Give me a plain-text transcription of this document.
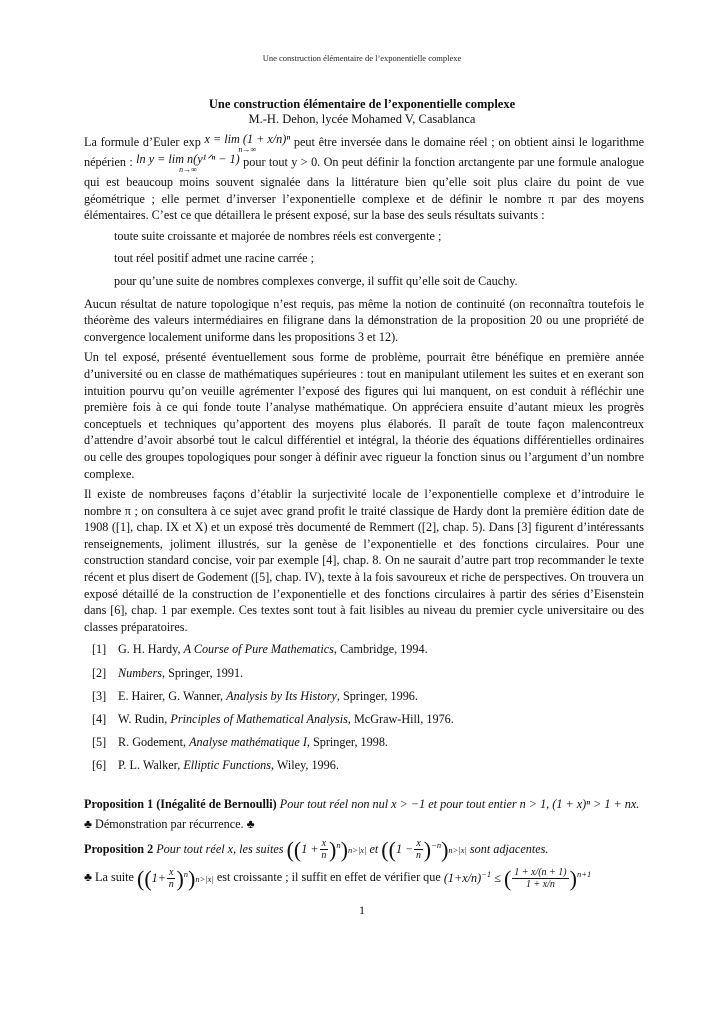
Une construction élémentaire de l’exponentielle complexe
Une construction élémentaire de l’exponentielle complexe
M.-H. Dehon, lycée Mohamed V, Casablanca

La formule d’Euler exp x = lim (1 + x/n)ⁿ
n→∞
peut être inversée dans le domaine réel ; on obtient ainsi le logarithme népérien : ln y = lim n(y¹ᐟⁿ − 1)
n→∞
pour tout y > 0. On peut définir la fonction arctangente par une formule analogue qui est beaucoup moins souvent signalée dans la littérature bien qu’elle soit plus claire du point de vue géométrique ; elle permet d’inverser l’exponentielle complexe et de définir le nombre π par des moyens élémentaires. C’est ce que détaillera le présent exposé, sur la base des seuls résultats suivants :

toute suite croissante et majorée de nombres réels est convergente ;
tout réel positif admet une racine carrée ;
pour qu’une suite de nombres complexes converge, il suffit qu’elle soit de Cauchy.

Aucun résultat de nature topologique n’est requis, pas même la notion de continuité (on reconnaîtra toutefois le théorème des valeurs intermédiaires en filigrane dans la démonstration de la proposition 20 ou une propriété de convergence localement uniforme dans les propositions 3 et 12).

Un tel exposé, présenté éventuellement sous forme de problème, pourrait être bénéfique en première année d’université ou en classe de mathématiques supérieures : tout en manipulant utilement les suites et en exerant son intuition pourvu qu’on veuille agrémenter l’exposé des figures qui lui manquent, on est conduit à réfléchir une première fois à ce qui fonde toute l’analyse mathématique. On appréciera ensuite d’autant mieux les progrès conceptuels et techniques qu’apportent des moyens plus élaborés. Il paraît de toute façon malencontreux d’attendre d’avoir absorbé tout le calcul différentiel et intégral, la théorie des équations différentielles ordinaires ou celle des groupes topologiques pour songer à définir avec rigueur la fonction sinus ou l’argument d’un nombre complexe.

Il existe de nombreuses façons d’établir la surjectivité locale de l’exponentielle complexe et d’introduire le nombre π ; on consultera à ce sujet avec grand profit le traité classique de Hardy dont la première édition date de 1908 ([1], chap. IX et X) et un exposé très documenté de Remmert ([2], chap. 5). Dans [3] figurent d’intéressants renseignements, joliment illustrés, sur la genèse de l’exponentielle et des fonctions circulaires. Pour une construction standard concise, voir par exemple [4], chap. 8. On ne saurait d’autre part trop recommander le texte récent et plus disert de Godement ([5], chap. IV), texte à la fois savoureux et riche de perspectives. On trouvera un exposé détaillé de la construction de l’exponentielle et des fonctions circulaires à partir des séries d’Eisenstein dans [6], chap. 1 par exemple. Ces textes sont tout à fait lisibles au niveau du premier cycle universitaire ou des classes préparatoires.

[1] G. H. Hardy, A Course of Pure Mathematics, Cambridge, 1994.
[2] Numbers, Springer, 1991.
[3] E. Hairer, G. Wanner, Analysis by Its History, Springer, 1996.
[4] W. Rudin, Principles of Mathematical Analysis, McGraw-Hill, 1976.
[5] R. Godement, Analyse mathématique I, Springer, 1998.
[6] P. L. Walker, Elliptic Functions, Wiley, 1996.

Proposition 1 (Inégalité de Bernoulli) Pour tout réel non nul x > −1 et pour tout entier n > 1, (1 + x)ⁿ > 1 + nx.

♣ Démonstration par récurrence. ♣

Proposition 2 Pour tout réel x, les suites $((1 + \frac{x}{n} )^n)n>|x|$ et $((1 - \frac{x}{n} )^{-n})n>|x|$ sont adjacentes.

♣ La suite $((1+ \frac{x}{n} )^n)n>|x|$ est croissante ; il suffit en effet de vérifier que $(1+x/n)^{-1}$ ≤ ( $\frac{1 + x/(n + 1)}{1 + x/n} )^{n+1}$

1
